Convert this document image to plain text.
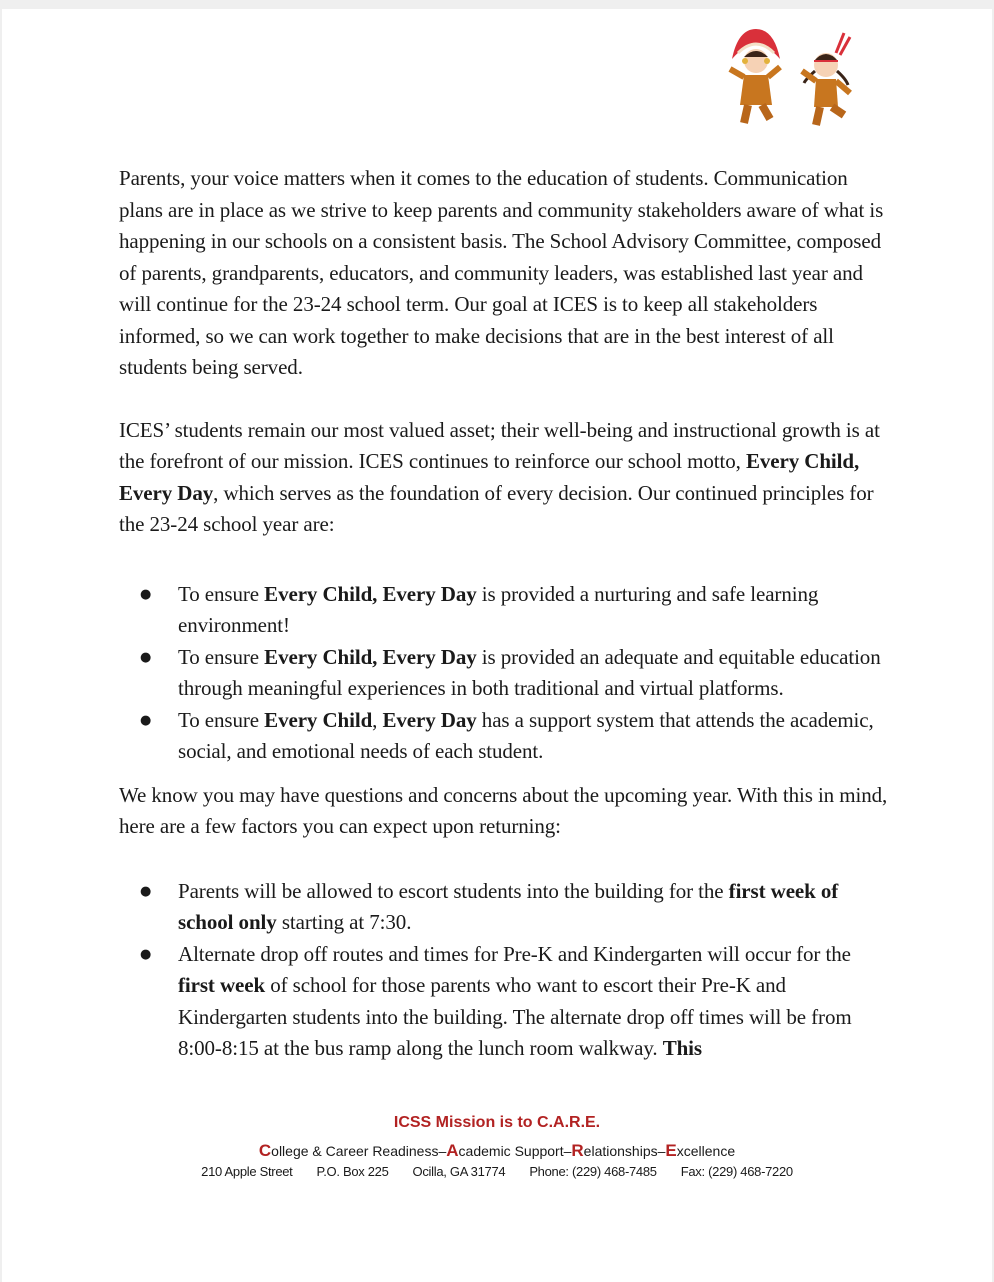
Parents, your voice matters when it comes to the education of students. Communication plans are in place as we strive to keep parents and community stakeholders aware of what is happening in our schools on a consistent basis. The School Advisory Committee, composed of parents, grandparents, educators, and community leaders, was established last year and will continue for the 23-24 school term. Our goal at ICES is to keep all stakeholders informed, so we can work together to make decisions that are in the best interest of all students being served.

ICES’ students remain our most valued asset; their well-being and instructional growth is at the forefront of our mission. ICES continues to reinforce our school motto, Every Child, Every Day, which serves as the foundation of every decision. Our continued principles for the 23-24 school year are:

● To ensure Every Child, Every Day is provided a nurturing and safe learning environment!
● To ensure Every Child, Every Day is provided an adequate and equitable education through meaningful experiences in both traditional and virtual platforms.
● To ensure Every Child, Every Day has a support system that attends the academic, social, and emotional needs of each student.

We know you may have questions and concerns about the upcoming year. With this in mind, here are a few factors you can expect upon returning:

● Parents will be allowed to escort students into the building for the first week of school only starting at 7:30.
● Alternate drop off routes and times for Pre-K and Kindergarten will occur for the first week of school for those parents who want to escort their Pre-K and Kindergarten students into the building. The alternate drop off times will be from 8:00-8:15 at the bus ramp along the lunch room walkway. This
ICSS Mission is to C.A.R.E.
College & Career Readiness–Academic Support–Relationships–Excellence
210 Apple Street P.O. Box 225 Ocilla, GA 31774 Phone: (229) 468-7485 Fax: (229) 468-7220
